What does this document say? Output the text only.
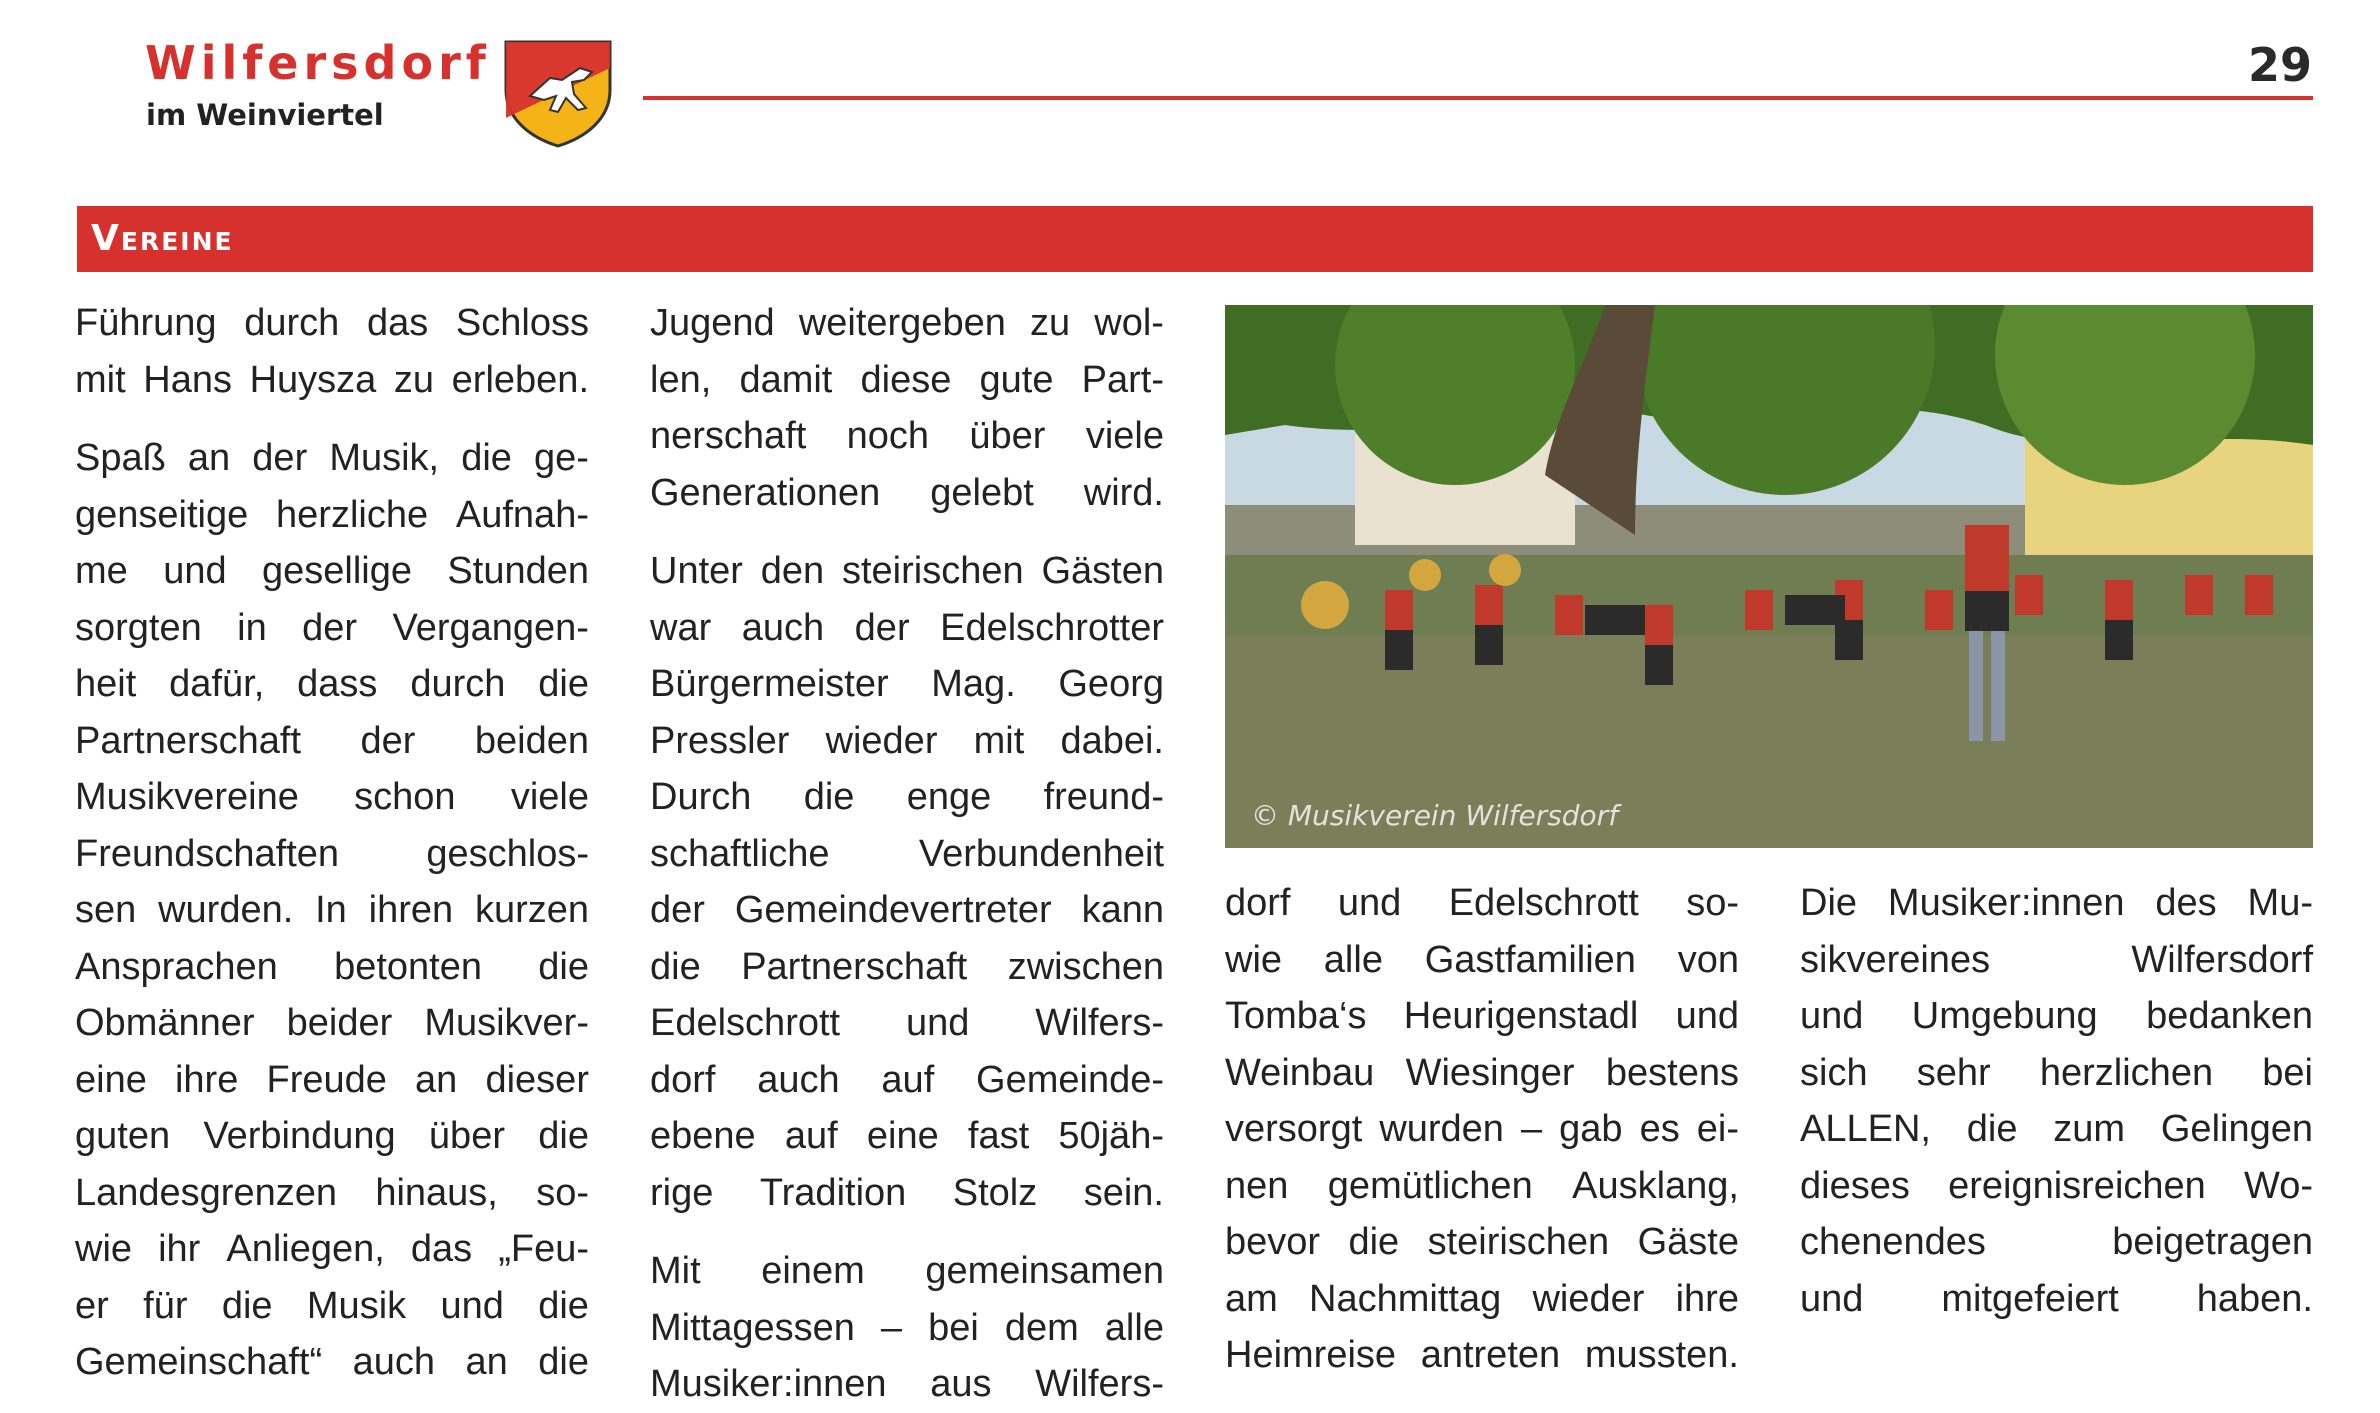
Wilfersdorf
im Weinviertel
29
Vereine

Führung durch das Schloss
mit Hans Huysza zu erleben.

Spaß an der Musik, die ge-
genseitige herzliche Aufnah-
me und gesellige Stunden
sorgten in der Vergangen-
heit dafür, dass durch die
Partnerschaft der beiden
Musikvereine schon viele
Freundschaften geschlos-
sen wurden. In ihren kurzen
Ansprachen betonten die
Obmänner beider Musikver-
eine ihre Freude an dieser
guten Verbindung über die
Landesgrenzen hinaus, so-
wie ihr Anliegen, das „Feu-
er für die Musik und die
Gemeinschaft“ auch an die

Jugend weitergeben zu wol-
len, damit diese gute Part-
nerschaft noch über viele
Generationen gelebt wird.

Unter den steirischen Gästen
war auch der Edelschrotter
Bürgermeister Mag. Georg
Pressler wieder mit dabei.
Durch die enge freund-
schaftliche Verbundenheit
der Gemeindevertreter kann
die Partnerschaft zwischen
Edelschrott und Wilfers-
dorf auch auf Gemeinde-
ebene auf eine fast 50jäh-
rige Tradition Stolz sein.

Mit einem gemeinsamen
Mittagessen – bei dem alle
Musiker:innen aus Wilfers-

© Musikverein Wilfersdorf

dorf und Edelschrott so-
wie alle Gastfamilien von
Tomba‘s Heurigenstadl und
Weinbau Wiesinger bestens
versorgt wurden – gab es ei-
nen gemütlichen Ausklang,
bevor die steirischen Gäste
am Nachmittag wieder ihre
Heimreise antreten mussten.

Die Musiker:innen des Mu-
sikvereines	Wilfersdorf
und Umgebung bedanken
sich sehr herzlichen bei
ALLEN, die zum Gelingen
dieses ereignisreichen Wo-
chenendes	beigetragen
und mitgefeiert haben.
